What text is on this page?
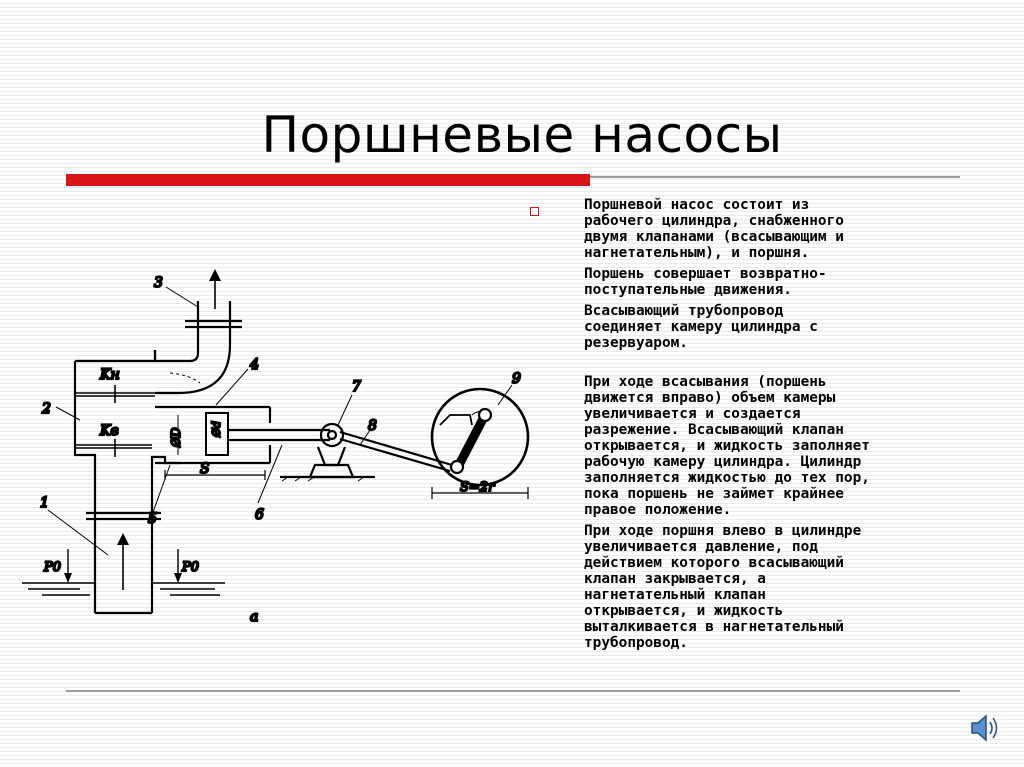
Поршневые насосы

Поршневой насос состоит из
рабочего цилиндра, снабженного
двумя клапанами (всасывающим и
нагнетательным), и поршня.

Поршень совершает возвратно-
поступательные движения.

Всасывающий трубопровод
соединяет камеру цилиндра с
резервуаром.

При ходе всасывания (поршень
движется вправо) объем камеры
увеличивается и создается
разрежение. Всасывающий клапан
открывается, и жидкость заполняет
рабочую камеру цилиндра. Цилиндр
заполняется жидкостью до тех пор,
пока поршень не займет крайнее
правое положение.

При ходе поршня влево в цилиндре
увеличивается давление, под
действием которого всасывающий
клапан закрывается, а
нагнетательный клапан
открывается, и жидкость
выталкивается в нагнетательный
трубопровод.

1
2
3
4
5	6
7
8
9
Kн
Kв	ØD Ød
S
S=2r
P0	P0
a
